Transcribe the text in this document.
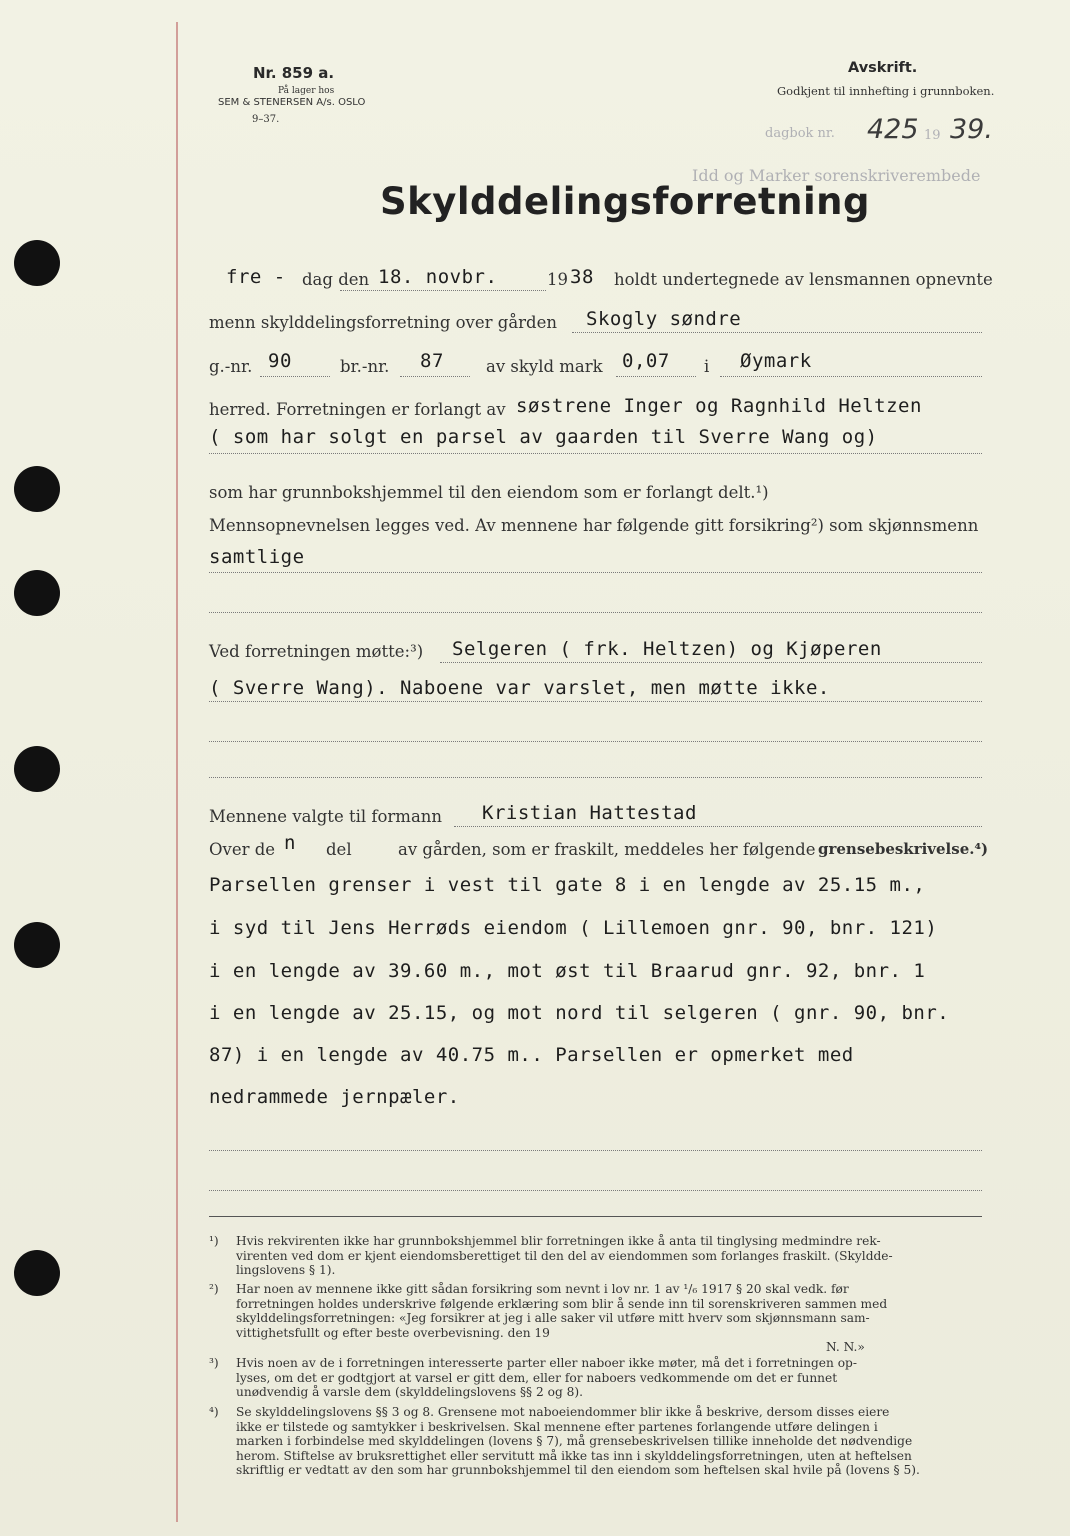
Nr. 859 a.
På lager hos
SEM & STENERSEN A/s. OSLO
9–37.
Avskrift.
Godkjent til innhefting i grunnboken.
dagbok nr.
Idd og Marker sorenskriverembede
425 19 39.
Skylddelingsforretning
fre - dag den 18. novbr.	19 38 holdt undertegnede av lensmannen opnevnte
menn skylddelingsforretning over gården Skogly søndre
g.-nr. 90	br.-nr. 87	av skyld mark 0,07 i Øymark
herred. Forretningen er forlangt av søstrene Inger og Ragnhild Heltzen
( som har solgt en parsel av gaarden til Sverre Wang og)
som har grunnbokshjemmel til den eiendom som er forlangt delt.¹)
Mennsopnevnelsen legges ved. Av mennene har følgende gitt forsikring²) som skjønnsmenn
samtlige
Ved forretningen møtte:³) Selgeren ( frk. Heltzen) og Kjøperen
( Sverre Wang). Naboene var varslet, men møtte ikke.
Mennene valgte til formann Kristian Hattestad
Over de n del	av gården, som er fraskilt, meddeles her følgende grensebeskrivelse.⁴)
Parsellen grenser i vest til gate 8 i en lengde av 25.15 m.,
i syd til Jens Herrøds eiendom ( Lillemoen gnr. 90, bnr. 121)
i en lengde av 39.60 m., mot øst til Braarud gnr. 92, bnr. 1
i en lengde av 25.15, og mot nord til selgeren ( gnr. 90, bnr.
87) i en lengde av 40.75 m.. Parsellen er opmerket med
nedrammede jernpæler.
¹) Hvis rekvirenten ikke har grunnbokshjemmel blir forretningen ikke å anta til tinglysing medmindre rek-
virenten ved dom er kjent eiendomsberettiget til den del av eiendommen som forlanges fraskilt. (Skyldde-
lingslovens § 1).
²) Har noen av mennene ikke gitt sådan forsikring som nevnt i lov nr. 1 av ¹/₆ 1917 § 20 skal vedk. før
forretningen holdes underskrive følgende erklæring som blir å sende inn til sorenskriveren sammen med
skylddelingsforretningen: «Jeg forsikrer at jeg i alle saker vil utføre mitt hverv som skjønnsmann sam-
vittighetsfullt og efter beste overbevisning. den 19
N. N.»
³) Hvis noen av de i forretningen interesserte parter eller naboer ikke møter, må det i forretningen op-
lyses, om det er godtgjort at varsel er gitt dem, eller for naboers vedkommende om det er funnet
unødvendig å varsle dem (skylddelingslovens §§ 2 og 8).
⁴) Se skylddelingslovens §§ 3 og 8. Grensene mot naboeiendommer blir ikke å beskrive, dersom disses eiere
ikke er tilstede og samtykker i beskrivelsen. Skal mennene efter partenes forlangende utføre delingen i
marken i forbindelse med skylddelingen (lovens § 7), må grensebeskrivelsen tillike inneholde det nødvendige
herom. Stiftelse av bruksrettighet eller servitutt må ikke tas inn i skylddelingsforretningen, uten at heftelsen
skriftlig er vedtatt av den som har grunnbokshjemmel til den eiendom som heftelsen skal hvile på (lovens § 5).
